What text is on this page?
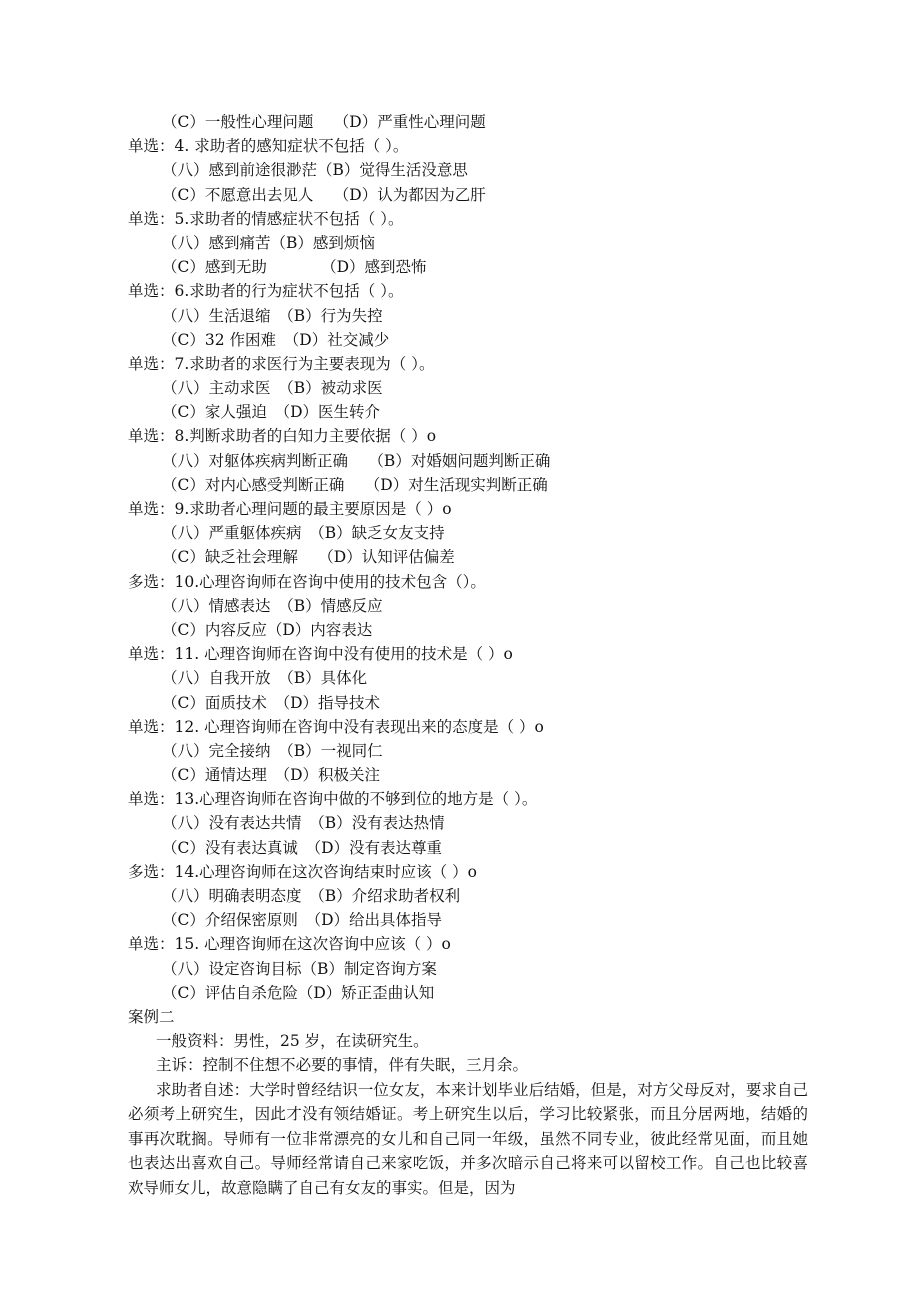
（C）一般性心理问题　 （D）严重性心理问题
单选：4. 求助者的感知症状不包括（ ）。
（八）感到前途很渺茫（B）觉得生活没意思
（C）不愿意出去见人　 （D）认为都因为乙肝
单选：5.求助者的情感症状不包括（ ）。
（八）感到痛苦（B）感到烦恼
（C）感到无助　　　　（D）感到恐怖
单选：6.求助者的行为症状不包括（ ）。
（八）生活退缩　（B）行为失控
（C）32 作困难　（D）社交减少
单选：7.求助者的求医行为主要表现为（ ）。
（八）主动求医　（B）被动求医
（C）家人强迫　（D）医生转介
单选：8.判断求助者的白知力主要依据（ ）o
（八）对躯体疾病判断正确　 （B）对婚姻问题判断正确
（C）对内心感受判断正确　 （D）对生活现实判断正确
单选：9.求助者心理问题的最主要原因是（ ）o
（八）严重躯体疾病　（B）缺乏女友支持
（C）缺乏社会理解　 （D）认知评估偏差
多选：10.心理咨询师在咨询中使用的技术包含（）。
（八）情感表达　（B）情感反应
（C）内容反应（D）内容表达
单选：11. 心理咨询师在咨询中没有使用的技术是（ ）o
（八）自我开放　（B）具体化
（C）面质技术　（D）指导技术
单选：12. 心理咨询师在咨询中没有表现出来的态度是（ ）o
（八）完全接纳　（B）一视同仁
（C）通情达理　（D）积极关注
单选：13.心理咨询师在咨询中做的不够到位的地方是（ ）。
（八）没有表达共情　（B）没有表达热情
（C）没有表达真诚　（D）没有表达尊重
多选：14.心理咨询师在这次咨询结束时应该（ ）o
（八）明确表明态度　（B）介绍求助者权利
（C）介绍保密原则　（D）给出具体指导
单选：15. 心理咨询师在这次咨询中应该（ ）o
（八）设定咨询目标（B）制定咨询方案
（C）评估自杀危险（D）矫正歪曲认知
案例二
一般资料：男性，25 岁，在读研究生。
主诉：控制不住想不必要的事情，伴有失眠，三月余。
求助者自述：大学时曾经结识一位女友，本来计划毕业后结婚，但是，对方父母反对，要求自己必须考上研究生，因此才没有领结婚证。考上研究生以后，学习比较紧张，而且分居两地，结婚的事再次耽搁。导师有一位非常漂亮的女儿和自己同一年级，虽然不同专业，彼此经常见面，而且她也表达出喜欢自己。导师经常请自己来家吃饭，并多次暗示自己将来可以留校工作。自己也比较喜欢导师女儿，故意隐瞒了自己有女友的事实。但是，因为
